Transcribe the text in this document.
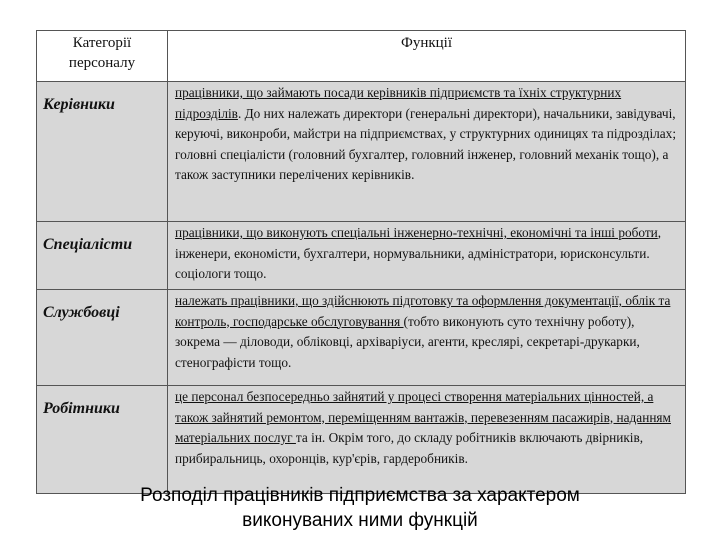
Категорії
персоналу	Функції
Керівники	працівники, що займають посади керівників підприємств та їхніх структурних підрозділів. До них належать директори (генеральні директори), начальники, завідувачі, керуючі, виконроби, майстри на підприємствах, у структурних одиницях та підрозділах; головні спеціалісти (головний бухгалтер, головний інженер, головний механік тощо), а також заступники перелічених керівників.
Спеціалісти	працівники, що виконують спеціальні інженерно-технічні, економічні та інші роботи, інженери, економісти, бухгалтери, нормувальники, адміністратори, юрисконсульти. соціологи тощо.
Службовці	належать працівники, що здійснюють підготовку та оформлення документації, облік та контроль, господарське обслуговування (тобто виконують суто технічну роботу), зокрема — діловоди, обліковці, архіваріуси, агенти, креслярі, секретарі-друкарки, стенографісти тощо.
Робітники	це персонал безпосередньо зайнятий у процесі створення матеріальних цінностей, а також зайнятий ремонтом, переміщенням вантажів, перевезенням пасажирів, наданням матеріальних послуг та ін. Окрім того, до складу робітників включають двірників, прибиральниць, охоронців, кур'єрів, гардеробників.
Розподіл працівників підприємства за характером
виконуваних ними функцій
